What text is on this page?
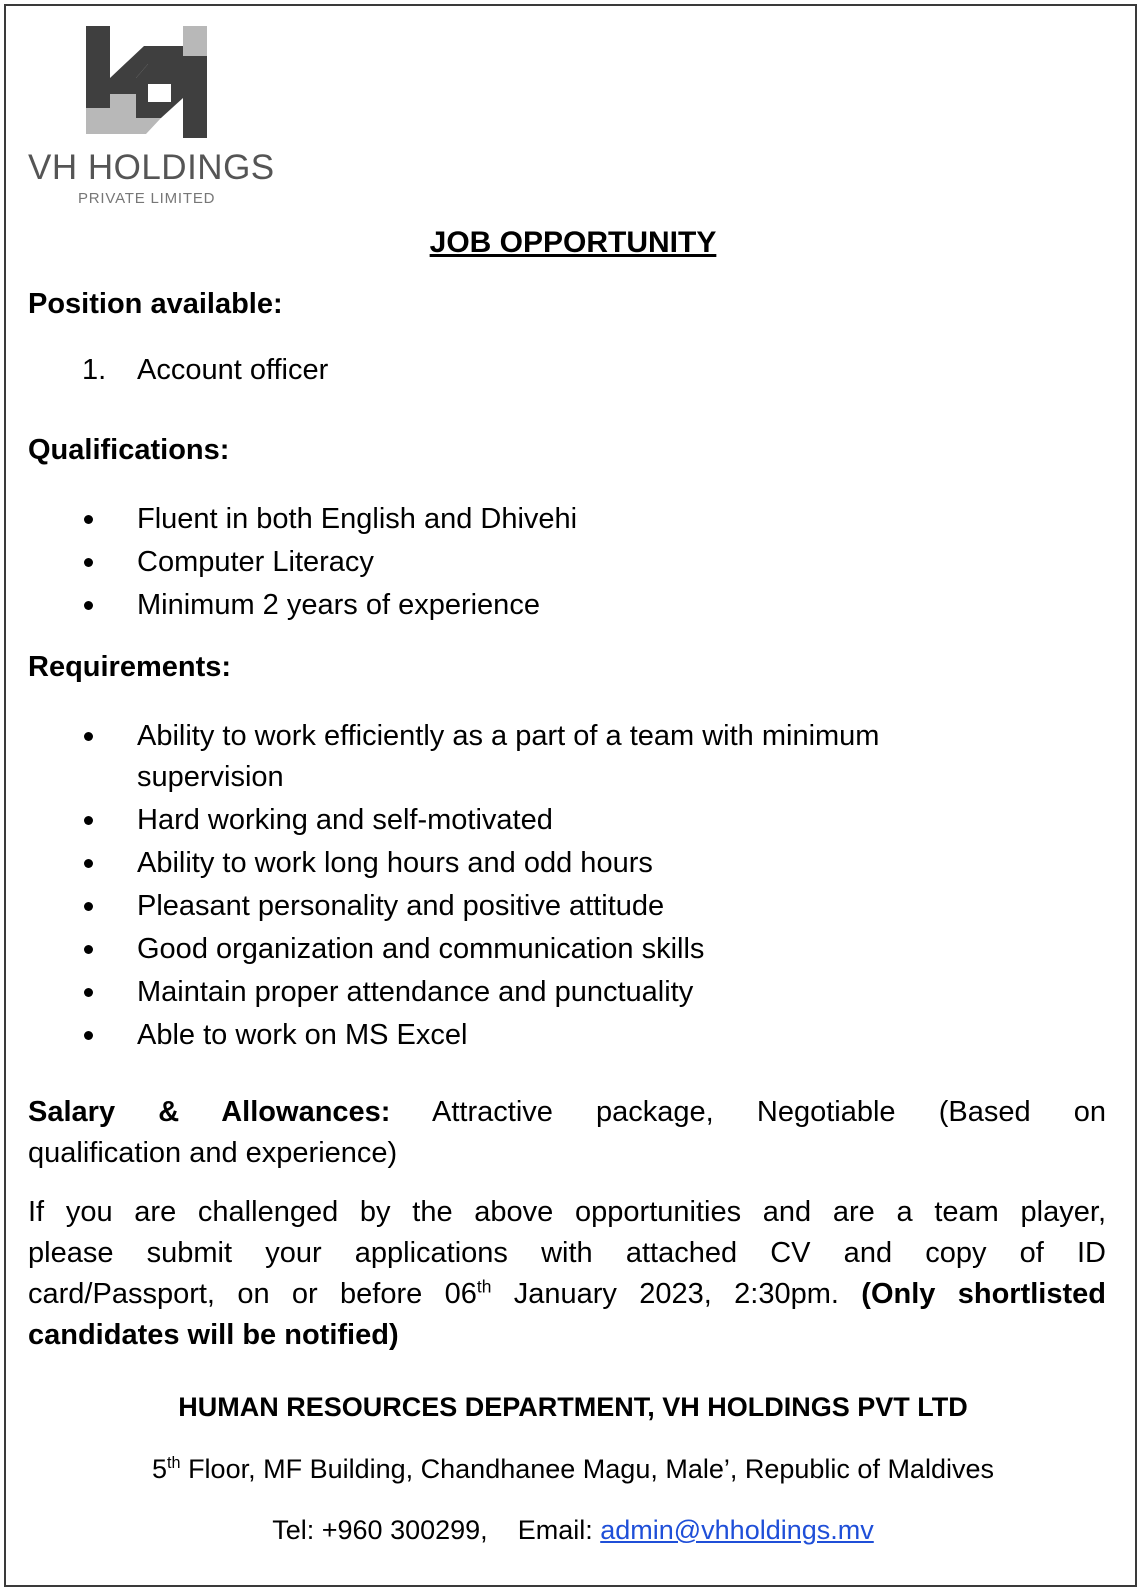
VH HOLDINGS
PRIVATE LIMITED
JOB OPPORTUNITY
Position available:
1. Account officer
Qualifications:
Fluent in both English and Dhivehi
Computer Literacy
Minimum 2 years of experience
Requirements:
Ability to work efficiently as a part of a team with minimum
supervision
Hard working and self-motivated
Ability to work long hours and odd hours
Pleasant personality and positive attitude
Good organization and communication skills
Maintain proper attendance and punctuality
Able to work on MS Excel
Salary & Allowances: Attractive package, Negotiable (Based on
qualification and experience)
If you are challenged by the above opportunities and are a team player,
please submit your applications with attached CV and copy of ID
card/Passport, on or before 06th January 2023, 2:30pm. (Only shortlisted
candidates will be notified)
HUMAN RESOURCES DEPARTMENT, VH HOLDINGS PVT LTD
5th Floor, MF Building, Chandhanee Magu, Male’, Republic of Maldives
Tel: +960 300299, Email: admin@vhholdings.mv
